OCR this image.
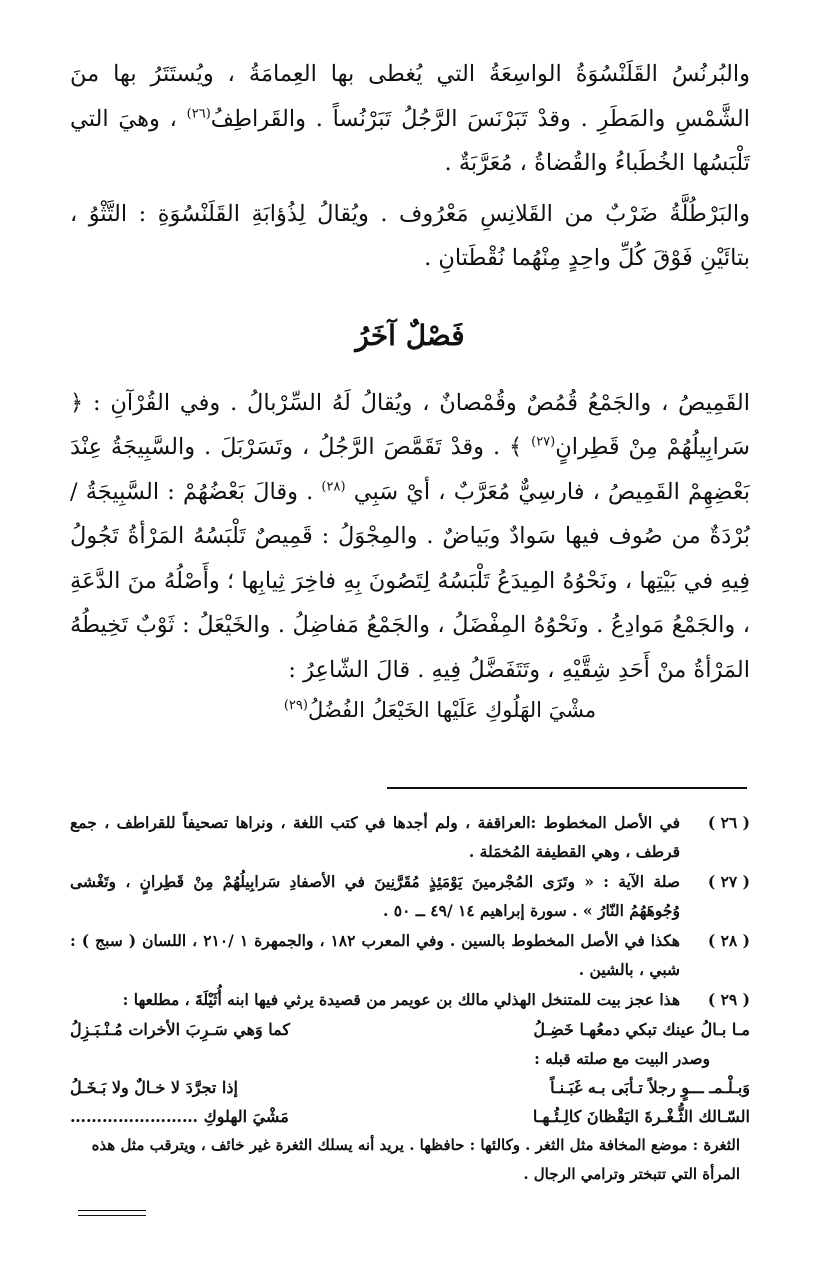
والبُرنُسُ القَلَنْسُوَةُ الواسِعَةُ التي يُغطى بها العِمامَةُ ، ويُستَتَرُ بها منَ الشَّمْسِ والمَطَرِ . وقدْ تَبَرْنَسَ الرَّجُلُ تَبَرْنُساً . والقَراطِفُ$^{(٢٦)}$ ، وهيَ التي تَلْبَسُها الخُطَباءُ والقُضاةُ ، مُعَرَّبَةٌ .

والبَرْطُلَّةُ ضَرْبٌ من القَلانِسِ مَعْرُوف . ويُقالُ لِذُؤابَةِ القَلَنْسُوَةِ : التَّثْوُ ، بتائَيْنِ فَوْقَ كُلِّ واحِدٍ مِنْهُما نُقْطَتانِ .

فَصْلٌ آخَرُ

القَمِيصُ ، والجَمْعُ قُمُصٌ وقُمْصانٌ ، ويُقالُ لَهُ السِّرْبالُ . وفي القُرْآنِ : ﴿ سَرابِيلُهُمْ مِنْ قَطِرانٍ$^{(٢٧)}$ ﴾ . وقدْ تَقَمَّصَ الرَّجُلُ ، وتَسَرْبَلَ . والسَّبِيجَةُ عِنْدَ بَعْضِهِمْ القَمِيصُ ، فارسِيٌّ مُعَرَّبٌ ، أيْ سَبِي $^{(٢٨)}$ . وقالَ بَعْضُهُمْ : السَّبِيجَةُ / بُرْدَةٌ من صُوف فيها سَوادٌ وبَياضٌ . والمِجْوَلُ : قَمِيصٌ تَلْبَسُهُ المَرْأةُ تَجُولُ فِيهِ في بَيْتِها ، ونَحْوُهُ المِيدَعُ تَلْبَسُهُ لِتَصُونَ بِهِ فاخِرَ ثِيابِها ؛ وأَصْلُهُ منَ الدَّعَةِ ، والجَمْعُ مَوادِعُ . ونَحْوُهُ المِفْضَلُ ، والجَمْعُ مَفاضِلُ . والخَيْعَلُ : ثَوْبٌ تَخِيطُهُ المَرْأةُ منْ أَحَدِ شِقَّيْهِ ، وتَتَفَضَّلُ فِيهِ . قالَ الشّاعِرُ :

مشْيَ الهَلُوكِ عَلَيْها الخَيْعَلُ الفُضُلُ$^{(٢٩)}$
( ٢٦ )
في الأصل المخطوط :العراقفة ، ولم أجدها في كتب اللغة ، ونراها تصحيفاً للقراطف ، جمع قرطف ، وهي القطيفة المُخمَلة .
( ٢٧ )
صلة الآية : « وتَرَى المُجْرمينَ يَوْمَئِذٍ مُقَرَّنِينَ في الأصفادِ سَرابِيلُهُمْ مِنْ قَطِرانٍ ، وتَغْشى وُجُوهَهُمُ النّارُ » . سورة إبراهيم ١٤ /٤٩ ــ ٥٠ .
( ٢٨ )
هكذا في الأصل المخطوط بالسين . وفي المعرب ١٨٢ ، والجمهرة ١ /٢١٠ ، اللسان ( سبج ) : شبي ، بالشين .
( ٢٩ )
هذا عجز بيت للمتنخل الهذلي مالك بن عويمر من قصيدة يرثي فيها ابنه أُثَيْلَةَ ، مطلعها :
مـا بـالُ عينك تبكي دمعُهـا خَضِـلُ
كما وَهي سَـرِبَ الأخرات مُـنْـبَـزِلُ
وصدر البيت مع صلته قبله :
وَبـلْـمـ ـــوٍ رجلاً تـأبَى بـه غَبَـنـاً
إذا تجرَّدَ لا خـالٌ ولا بَـخَـلُ
السّـالك الثُّـغْـرةَ اليَقْظانَ كالِـئُـهـا
مَشْيَ الهلوكِ ……………………
الثغرة : موضع المخافة مثل الثغر . وكالئها : حافظها . يريد أنه يسلك الثغرة غير خائف ، ويترقب مثل هذه المرأة التي تتبختر وترامي الرجال .
